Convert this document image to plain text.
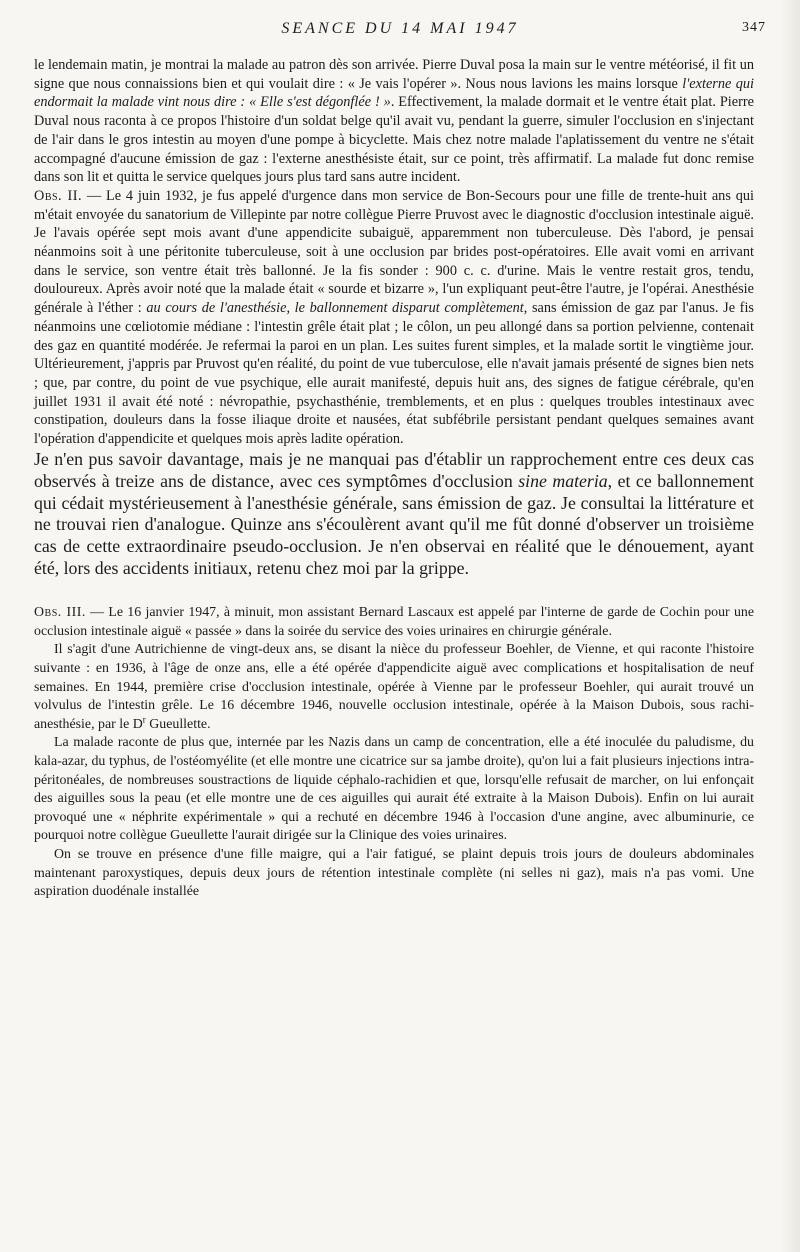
SEANCE DU 14 MAI 1947	347

le lendemain matin, je montrai la malade au patron dès son arrivée. Pierre Duval posa la main sur le ventre météorisé, il fit un signe que nous connaissions bien et qui voulait dire : « Je vais l'opérer ». Nous nous lavions les mains lorsque l'externe qui endormait la malade vint nous dire : « Elle s'est dégonflée ! ». Effectivement, la malade dormait et le ventre était plat. Pierre Duval nous raconta à ce propos l'histoire d'un soldat belge qu'il avait vu, pendant la guerre, simuler l'occlusion en s'injectant de l'air dans le gros intestin au moyen d'une pompe à bicyclette. Mais chez notre malade l'aplatissement du ventre ne s'était accompagné d'aucune émission de gaz : l'externe anesthésiste était, sur ce point, très affirmatif. La malade fut donc remise dans son lit et quitta le service quelques jours plus tard sans autre incident.

Obs. II. — Le 4 juin 1932, je fus appelé d'urgence dans mon service de Bon-Secours pour une fille de trente-huit ans qui m'était envoyée du sanatorium de Villepinte par notre collègue Pierre Pruvost avec le diagnostic d'occlusion intestinale aiguë. Je l'avais opérée sept mois avant d'une appendicite subaiguë, apparemment non tuberculeuse. Dès l'abord, je pensai néanmoins soit à une péritonite tuberculeuse, soit à une occlusion par brides post-opératoires. Elle avait vomi en arrivant dans le service, son ventre était très ballonné. Je la fis sonder : 900 c. c. d'urine. Mais le ventre restait gros, tendu, douloureux. Après avoir noté que la malade était « sourde et bizarre », l'un expliquant peut-être l'autre, je l'opérai. Anesthésie générale à l'éther : au cours de l'anesthésie, le ballonnement disparut complètement, sans émission de gaz par l'anus. Je fis néanmoins une cœliotomie médiane : l'intestin grêle était plat ; le côlon, un peu allongé dans sa portion pelvienne, contenait des gaz en quantité modérée. Je refermai la paroi en un plan. Les suites furent simples, et la malade sortit le vingtième jour. Ultérieurement, j'appris par Pruvost qu'en réalité, du point de vue tuberculose, elle n'avait jamais présenté de signes bien nets ; que, par contre, du point de vue psychique, elle aurait manifesté, depuis huit ans, des signes de fatigue cérébrale, qu'en juillet 1931 il avait été noté : névropathie, psychasthénie, tremblements, et en plus : quelques troubles intestinaux avec constipation, douleurs dans la fosse iliaque droite et nausées, état subfébrile persistant pendant quelques semaines avant l'opération d'appendicite et quelques mois après ladite opération.

Je n'en pus savoir davantage, mais je ne manquai pas d'établir un rapprochement entre ces deux cas observés à treize ans de distance, avec ces symptômes d'occlusion sine materia, et ce ballonnement qui cédait mystérieusement à l'anesthésie générale, sans émission de gaz. Je consultai la littérature et ne trouvai rien d'analogue. Quinze ans s'écoulèrent avant qu'il me fût donné d'observer un troisième cas de cette extraordinaire pseudo-occlusion. Je n'en observai en réalité que le dénouement, ayant été, lors des accidents initiaux, retenu chez moi par la grippe.

Obs. III. — Le 16 janvier 1947, à minuit, mon assistant Bernard Lascaux est appelé par l'interne de garde de Cochin pour une occlusion intestinale aiguë « passée » dans la soirée du service des voies urinaires en chirurgie générale.

Il s'agit d'une Autrichienne de vingt-deux ans, se disant la nièce du professeur Boehler, de Vienne, et qui raconte l'histoire suivante : en 1936, à l'âge de onze ans, elle a été opérée d'appendicite aiguë avec complications et hospitalisation de neuf semaines. En 1944, première crise d'occlusion intestinale, opérée à Vienne par le professeur Boehler, qui aurait trouvé un volvulus de l'intestin grêle. Le 16 décembre 1946, nouvelle occlusion intestinale, opérée à la Maison Dubois, sous rachi-anesthésie, par le $D^r$ Gueullette.

La malade raconte de plus que, internée par les Nazis dans un camp de concentration, elle a été inoculée du paludisme, du kala-azar, du typhus, de l'ostéomyélite (et elle montre une cicatrice sur sa jambe droite), qu'on lui a fait plusieurs injections intra-péritonéales, de nombreuses soustractions de liquide céphalo-rachidien et que, lorsqu'elle refusait de marcher, on lui enfonçait des aiguilles sous la peau (et elle montre une de ces aiguilles qui aurait été extraite à la Maison Dubois). Enfin on lui aurait provoqué une « néphrite expérimentale » qui a rechuté en décembre 1946 à l'occasion d'une angine, avec albuminurie, ce pourquoi notre collègue Gueullette l'aurait dirigée sur la Clinique des voies urinaires.

On se trouve en présence d'une fille maigre, qui a l'air fatigué, se plaint depuis trois jours de douleurs abdominales maintenant paroxystiques, depuis deux jours de rétention intestinale complète (ni selles ni gaz), mais n'a pas vomi. Une aspiration duodénale installée
